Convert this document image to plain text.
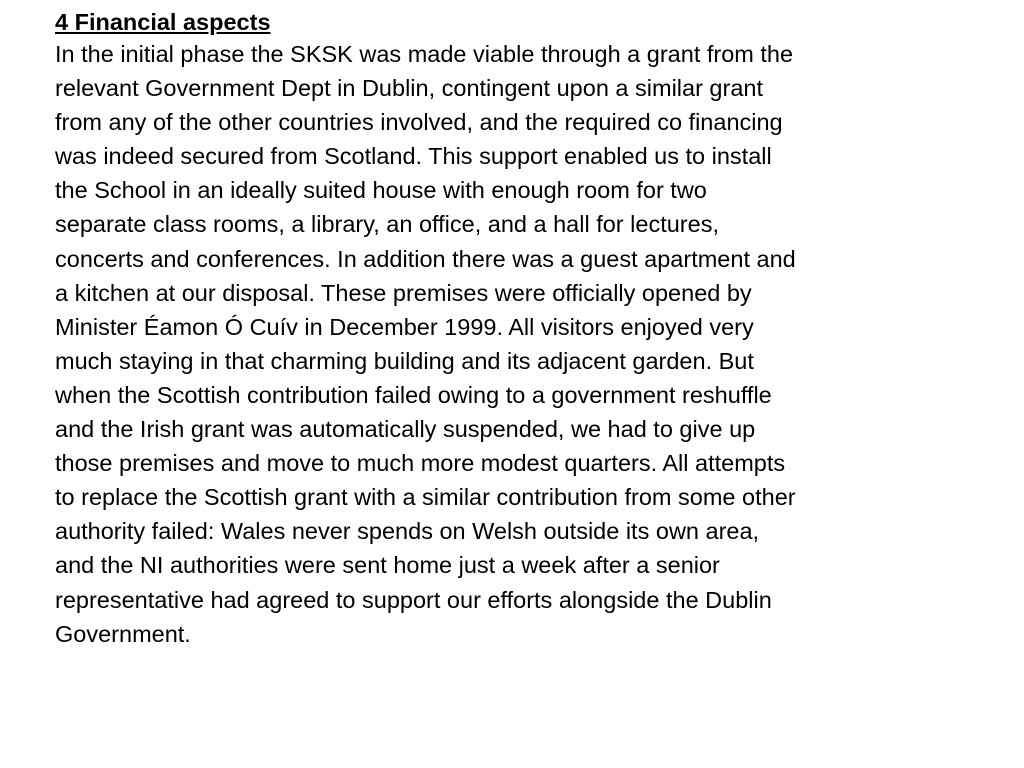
4 Financial aspects

In the initial phase the SKSK was made viable through a grant from the
relevant Government Dept in Dublin, contingent upon a similar grant
from any of the other countries involved, and the required co financing
was indeed secured from Scotland. This support enabled us to install
the School in an ideally suited house with enough room for two
separate class rooms, a library, an office, and a hall for lectures,
concerts and conferences. In addition there was a guest apartment and
a kitchen at our disposal. These premises were officially opened by
Minister Éamon Ó Cuív in December 1999. All visitors enjoyed very
much staying in that charming building and its adjacent garden. But
when the Scottish contribution failed owing to a government reshuffle
and the Irish grant was automatically suspended, we had to give up
those premises and move to much more modest quarters. All attempts
to replace the Scottish grant with a similar contribution from some other
authority failed: Wales never spends on Welsh outside its own area,
and the NI authorities were sent home just a week after a senior
representative had agreed to support our efforts alongside the Dublin
Government.
